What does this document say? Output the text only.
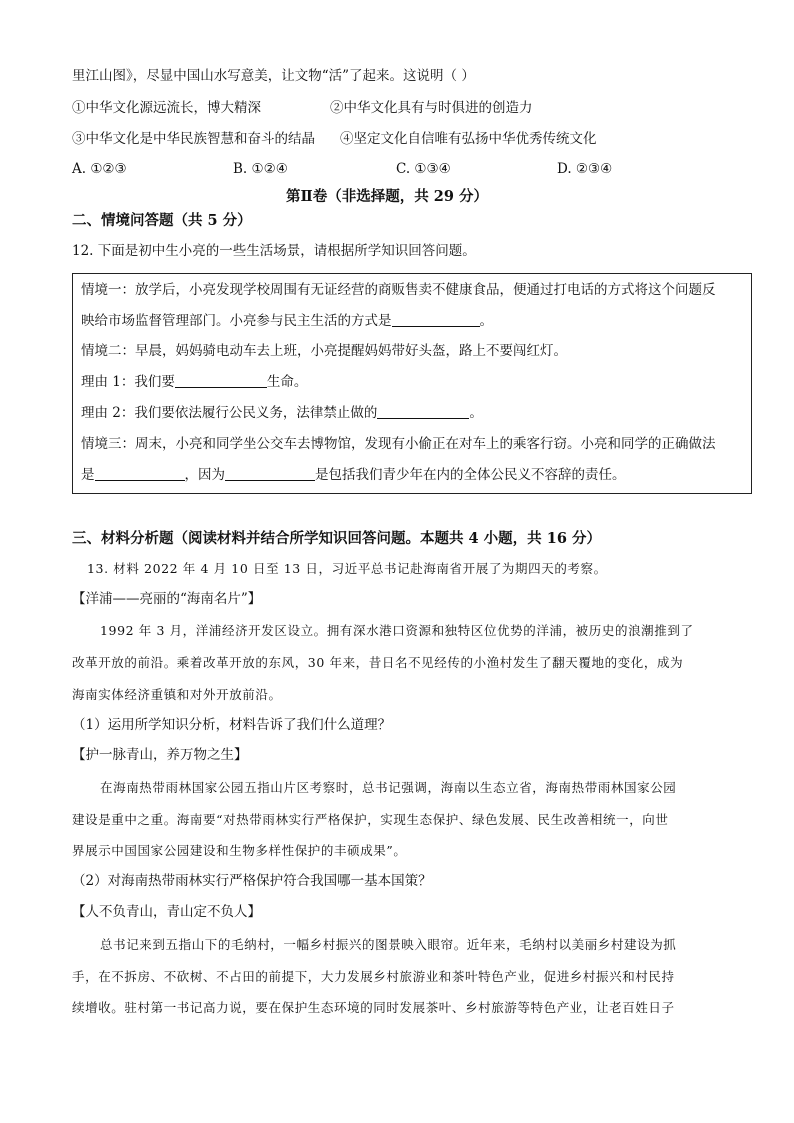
里江山图》，尽显中国山水写意美，让文物“活”了起来。这说明（ ）
①中华文化源远流长，博大精深	②中华文化具有与时俱进的创造力
③中华文化是中华民族智慧和奋斗的结晶 ④坚定文化自信唯有弘扬中华优秀传统文化
A. ①②③	B. ①②④	C. ①③④	D. ②③④
第Ⅱ卷（非选择题，共 29 分）
二、情境问答题（共 5 分）
12. 下面是初中生小亮的一些生活场景，请根据所学知识回答问题。
情境一：放学后，小亮发现学校周围有无证经营的商贩售卖不健康食品，便通过打电话的方式将这个问题反
映给市场监督管理部门。小亮参与民主生活的方式是	。
情境二：早晨，妈妈骑电动车去上班，小亮提醒妈妈带好头盔，路上不要闯红灯。
理由 1：我们要	生命。
理由 2：我们要依法履行公民义务，法律禁止做的	。
情境三：周末，小亮和同学坐公交车去博物馆，发现有小偷正在对车上的乘客行窃。小亮和同学的正确做法
是	，因为	是包括我们青少年在内的全体公民义不容辞的责任。
三、材料分析题（阅读材料并结合所学知识回答问题。本题共 4 小题，共 16 分）
13. 材料 2022 年 4 月 10 日至 13 日，习近平总书记赴海南省开展了为期四天的考察。
【洋浦——亮丽的“海南名片”】
1992 年 3 月，洋浦经济开发区设立。拥有深水港口资源和独特区位优势的洋浦，被历史的浪潮推到了
改革开放的前沿。乘着改革开放的东风，30 年来，昔日名不见经传的小渔村发生了翻天覆地的变化，成为
海南实体经济重镇和对外开放前沿。
（1）运用所学知识分析，材料告诉了我们什么道理？
【护一脉青山，养万物之生】
在海南热带雨林国家公园五指山片区考察时，总书记强调，海南以生态立省，海南热带雨林国家公园
建设是重中之重。海南要“对热带雨林实行严格保护，实现生态保护、绿色发展、民生改善相统一，向世
界展示中国国家公园建设和生物多样性保护的丰硕成果”。
（2）对海南热带雨林实行严格保护符合我国哪一基本国策？
【人不负青山，青山定不负人】
总书记来到五指山下的毛纳村，一幅乡村振兴的图景映入眼帘。近年来，毛纳村以美丽乡村建设为抓
手，在不拆房、不砍树、不占田的前提下，大力发展乡村旅游业和茶叶特色产业，促进乡村振兴和村民持
续增收。驻村第一书记高力说，要在保护生态环境的同时发展茶叶、乡村旅游等特色产业，让老百姓日子
